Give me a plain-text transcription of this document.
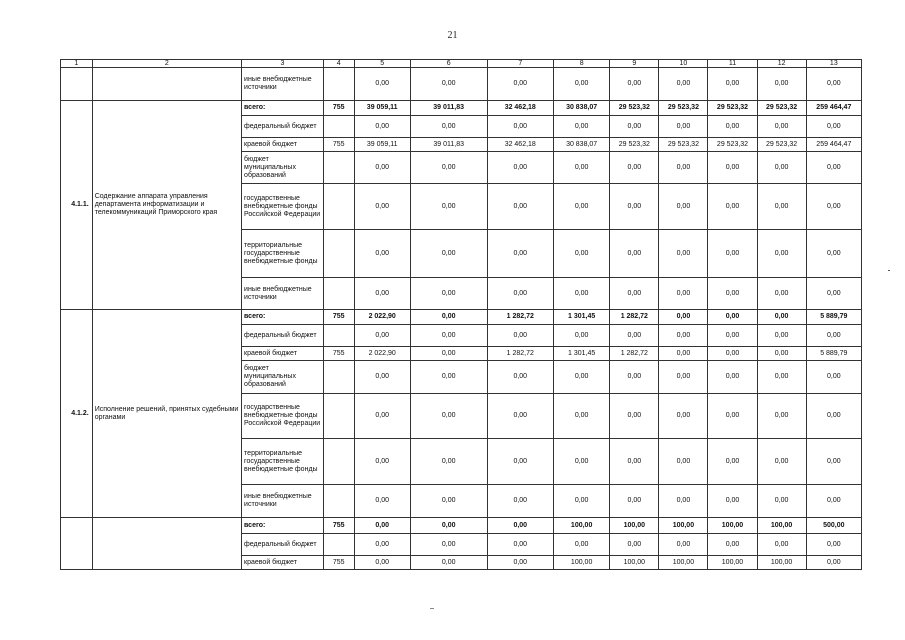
21
1	2	3	4	5	6	7	8	9	10	11	12	13
		иные внебюджетные источники		0,00	0,00	0,00	0,00	0,00	0,00	0,00	0,00	0,00
4.1.1.	Содержание аппарата управления департамента информатизации и телекоммуникаций Приморского края	всего:	755	39 059,11	39 011,83	32 462,18	30 838,07	29 523,32	29 523,32	29 523,32	29 523,32	259 464,47
		федеральный бюджет		0,00	0,00	0,00	0,00	0,00	0,00	0,00	0,00	0,00
		краевой бюджет	755	39 059,11	39 011,83	32 462,18	30 838,07	29 523,32	29 523,32	29 523,32	29 523,32	259 464,47
		бюджет муниципальных образований		0,00	0,00	0,00	0,00	0,00	0,00	0,00	0,00	0,00
		государственные внебюджетные фонды Российской Федерации		0,00	0,00	0,00	0,00	0,00	0,00	0,00	0,00	0,00
		территориальные государственные внебюджетные фонды		0,00	0,00	0,00	0,00	0,00	0,00	0,00	0,00	0,00
		иные внебюджетные источники		0,00	0,00	0,00	0,00	0,00	0,00	0,00	0,00	0,00
4.1.2.	Исполнение решений, принятых судебными органами	всего:	755	2 022,90	0,00	1 282,72	1 301,45	1 282,72	0,00	0,00	0,00	5 889,79
		федеральный бюджет		0,00	0,00	0,00	0,00	0,00	0,00	0,00	0,00	0,00
		краевой бюджет	755	2 022,90	0,00	1 282,72	1 301,45	1 282,72	0,00	0,00	0,00	5 889,79
		бюджет муниципальных образований		0,00	0,00	0,00	0,00	0,00	0,00	0,00	0,00	0,00
		государственные внебюджетные фонды Российской Федерации		0,00	0,00	0,00	0,00	0,00	0,00	0,00	0,00	0,00
		территориальные государственные внебюджетные фонды		0,00	0,00	0,00	0,00	0,00	0,00	0,00	0,00	0,00
		иные внебюджетные источники		0,00	0,00	0,00	0,00	0,00	0,00	0,00	0,00	0,00
		всего:	755	0,00	0,00	0,00	100,00	100,00	100,00	100,00	100,00	500,00
		федеральный бюджет		0,00	0,00	0,00	0,00	0,00	0,00	0,00	0,00	0,00
		краевой бюджет	755	0,00	0,00	0,00	100,00	100,00	100,00	100,00	100,00	0,00
